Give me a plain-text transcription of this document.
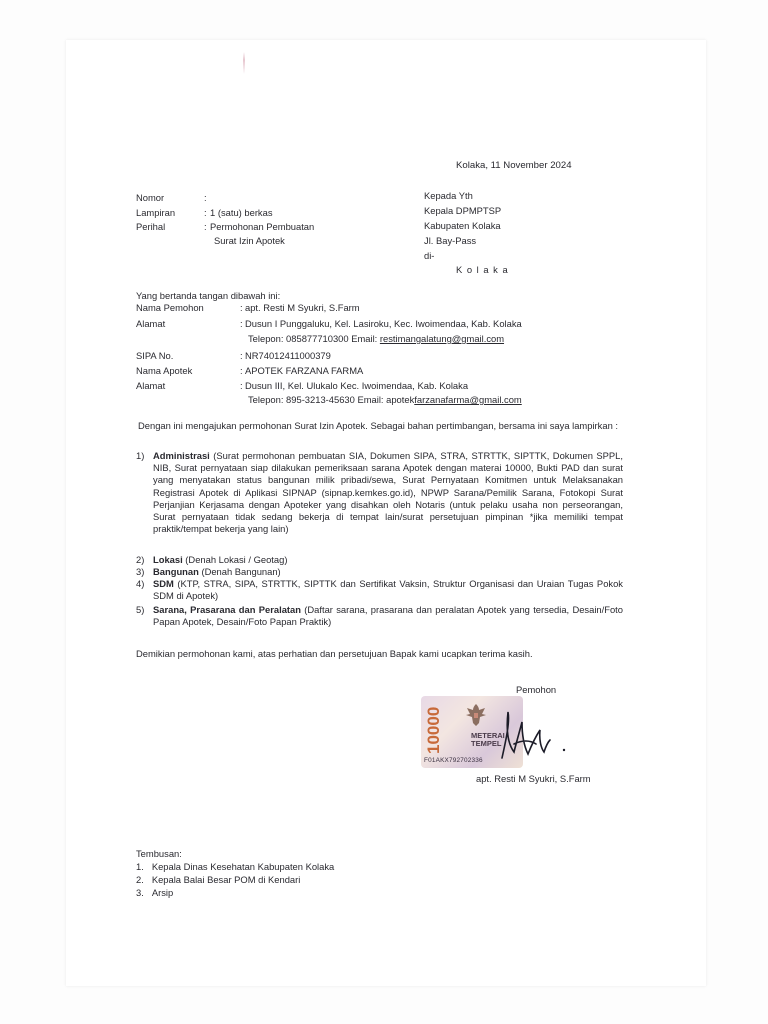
Kolaka, 11 November 2024
Nomor	:
Lampiran	: 1 (satu) berkas
Perihal	: Permohonan Pembuatan
Surat Izin Apotek
Kepada Yth
Kepala DPMPTSP
Kabupaten Kolaka
Jl. Bay-Pass
di-
K o l a k a
Yang bertanda tangan dibawah ini:
Nama Pemohon	: apt. Resti M Syukri, S.Farm
Alamat	: Dusun I Punggaluku, Kel. Lasiroku, Kec. Iwoimendaa, Kab. Kolaka
Telepon: 085877710300 Email: restimangalatung@gmail.com
SIPA No.	: NR74012411000379
Nama Apotek	: APOTEK FARZANA FARMA
Alamat	: Dusun III, Kel. Ulukalo Kec. Iwoimendaa, Kab. Kolaka
Telepon: 895-3213-45630 Email: apotekfarzanafarma@gmail.com
Dengan ini mengajukan permohonan Surat Izin Apotek. Sebagai bahan pertimbangan, bersama ini saya lampirkan :
1) Administrasi (Surat permohonan pembuatan SIA, Dokumen SIPA, STRA, STRTTK, SIPTTK, Dokumen SPPL, NIB, Surat pernyataan siap dilakukan pemeriksaan sarana Apotek dengan materai 10000, Bukti PAD dan surat yang menyatakan status bangunan milik pribadi/sewa, Surat Pernyataan Komitmen untuk Melaksanakan Registrasi Apotek di Aplikasi SIPNAP (sipnap.kemkes.go.id), NPWP Sarana/Pemilik Sarana, Fotokopi Surat Perjanjian Kerjasama dengan Apoteker yang disahkan oleh Notaris (untuk pelaku usaha non perseorangan, Surat pernyataan tidak sedang bekerja di tempat lain/surat persetujuan pimpinan *jika memiliki tempat praktik/tempat bekerja yang lain)
2) Lokasi (Denah Lokasi / Geotag)
3) Bangunan (Denah Bangunan)
4) SDM (KTP, STRA, SIPA, STRTTK, SIPTTK dan Sertifikat Vaksin, Struktur Organisasi dan Uraian Tugas Pokok SDM di Apotek)
5) Sarana, Prasarana dan Peralatan (Daftar sarana, prasarana dan peralatan Apotek yang tersedia, Desain/Foto Papan Apotek, Desain/Foto Papan Praktik)
Demikian permohonan kami, atas perhatian dan persetujuan Bapak kami ucapkan terima kasih.
Pemohon
10000	METERAI
TEMPEL
F01AKX792702336
apt. Resti M Syukri, S.Farm
Tembusan:
1. Kepala Dinas Kesehatan Kabupaten Kolaka
2. Kepala Balai Besar POM di Kendari
3. Arsip
